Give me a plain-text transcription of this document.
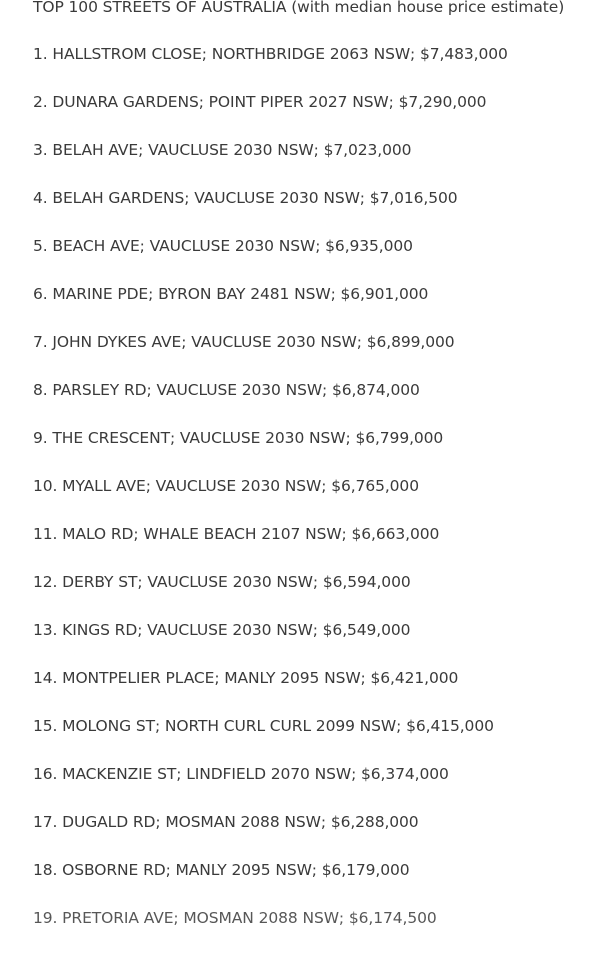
TOP 100 STREETS OF AUSTRALIA (with median house price estimate)
1. HALLSTROM CLOSE; NORTHBRIDGE 2063 NSW; $7,483,000
2. DUNARA GARDENS; POINT PIPER 2027 NSW; $7,290,000
3. BELAH AVE; VAUCLUSE 2030 NSW; $7,023,000
4. BELAH GARDENS; VAUCLUSE 2030 NSW; $7,016,500
5. BEACH AVE; VAUCLUSE 2030 NSW; $6,935,000
6. MARINE PDE; BYRON BAY 2481 NSW; $6,901,000
7. JOHN DYKES AVE; VAUCLUSE 2030 NSW; $6,899,000
8. PARSLEY RD; VAUCLUSE 2030 NSW; $6,874,000
9. THE CRESCENT; VAUCLUSE 2030 NSW; $6,799,000
10. MYALL AVE; VAUCLUSE 2030 NSW; $6,765,000
11. MALO RD; WHALE BEACH 2107 NSW; $6,663,000
12. DERBY ST; VAUCLUSE 2030 NSW; $6,594,000
13. KINGS RD; VAUCLUSE 2030 NSW; $6,549,000
14. MONTPELIER PLACE; MANLY 2095 NSW; $6,421,000
15. MOLONG ST; NORTH CURL CURL 2099 NSW; $6,415,000
16. MACKENZIE ST; LINDFIELD 2070 NSW; $6,374,000
17. DUGALD RD; MOSMAN 2088 NSW; $6,288,000
18. OSBORNE RD; MANLY 2095 NSW; $6,179,000
19. PRETORIA AVE; MOSMAN 2088 NSW; $6,174,500
